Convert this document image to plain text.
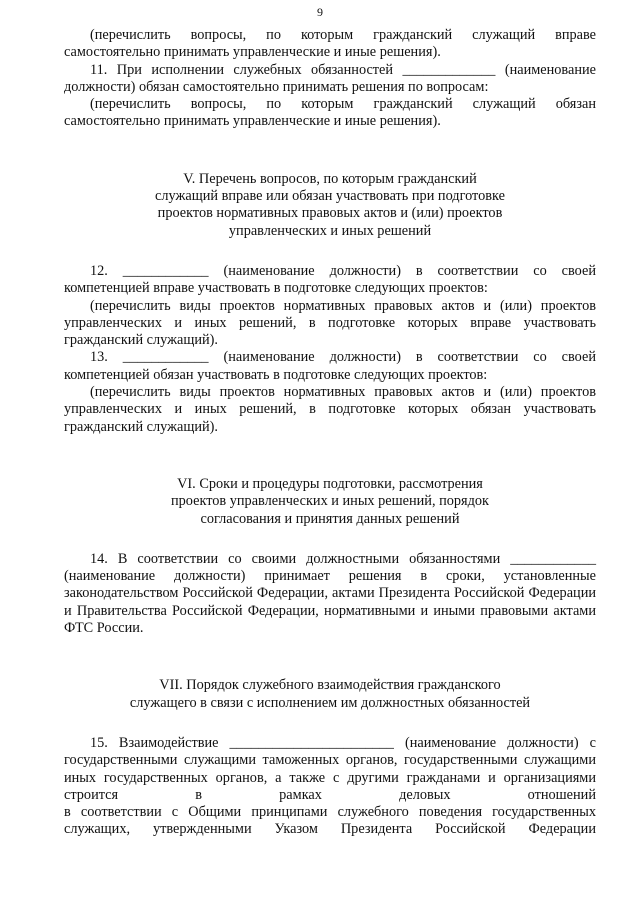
9

(перечислить вопросы, по которым гражданский служащий вправе самостоятельно принимать управленческие и иные решения).

11. При исполнении служебных обязанностей _____________ (наименование должности) обязан самостоятельно принимать решения по вопросам:

(перечислить вопросы, по которым гражданский служащий обязан самостоятельно принимать управленческие и иные решения).

V. Перечень вопросов, по которым гражданский

служащий вправе или обязан участвовать при подготовке

проектов нормативных правовых актов и (или) проектов

управленческих и иных решений

12. ____________ (наименование должности) в соответствии со своей компетенцией вправе участвовать в подготовке следующих проектов:

(перечислить виды проектов нормативных правовых актов и (или) проектов управленческих и иных решений, в подготовке которых вправе участвовать гражданский служащий).

13. ____________ (наименование должности) в соответствии со своей компетенцией обязан участвовать в подготовке следующих проектов:

(перечислить виды проектов нормативных правовых актов и (или) проектов управленческих и иных решений, в подготовке которых обязан участвовать гражданский служащий).

VI. Сроки и процедуры подготовки, рассмотрения

проектов управленческих и иных решений, порядок

согласования и принятия данных решений

14. В соответствии со своими должностными обязанностями ____________ (наименование должности) принимает решения в сроки, установленные законодательством Российской Федерации, актами Президента Российской Федерации и Правительства Российской Федерации, нормативными и иными правовыми актами ФТС России.

VII. Порядок служебного взаимодействия гражданского

служащего в связи с исполнением им должностных обязанностей

15. Взаимодействие _______________________ (наименование должности) с государственными служащими таможенных органов, государственными служащими иных государственных органов, а также с другими гражданами и организациями строится в рамках деловых отношений

в соответствии с Общими принципами служебного поведения государственных служащих, утвержденными Указом Президента Российской Федерации
